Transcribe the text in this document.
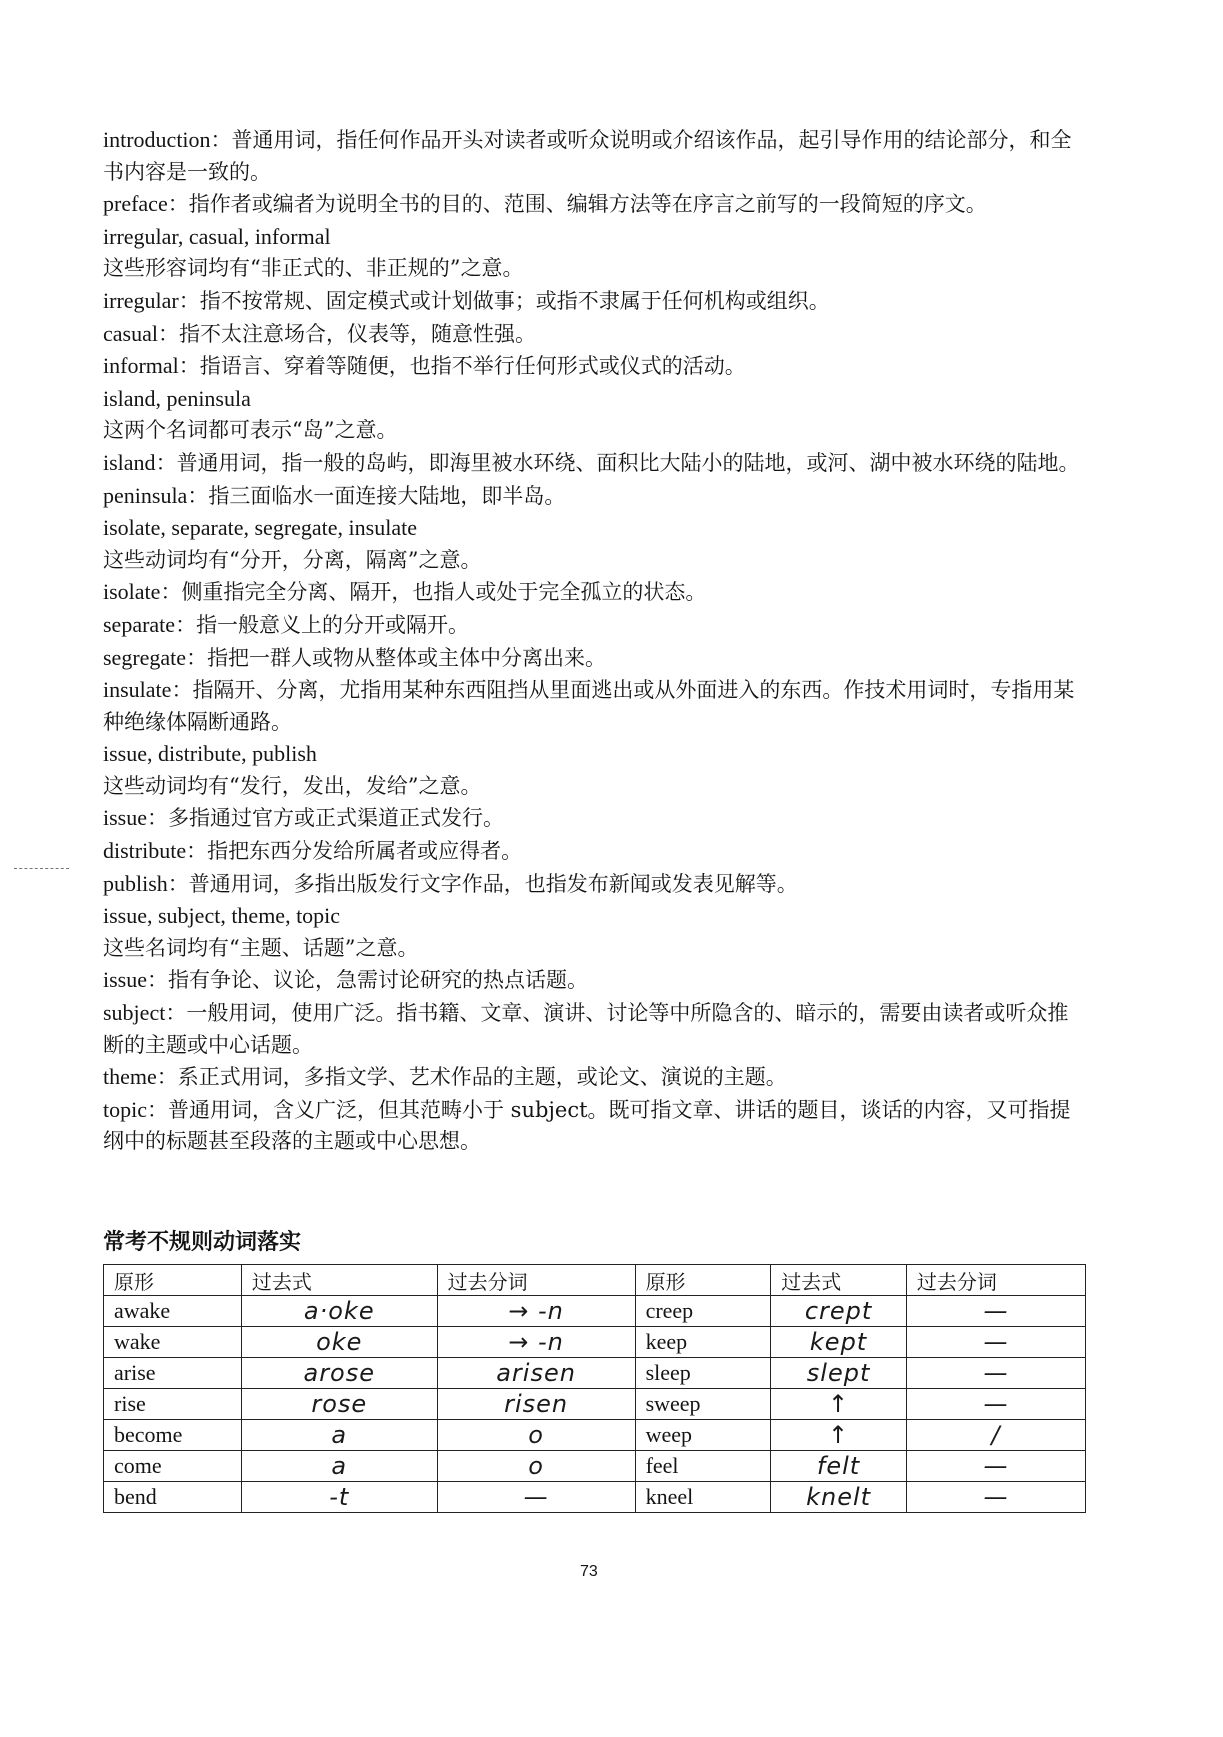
introduction：普通用词，指任何作品开头对读者或听众说明或介绍该作品，起引导作用的结论部分，和全书内容是一致的。

preface：指作者或编者为说明全书的目的、范围、编辑方法等在序言之前写的一段简短的序文。

irregular, casual, informal

这些形容词均有“非正式的、非正规的”之意。

irregular：指不按常规、固定模式或计划做事；或指不隶属于任何机构或组织。

casual：指不太注意场合，仪表等，随意性强。

informal：指语言、穿着等随便，也指不举行任何形式或仪式的活动。

island, peninsula

这两个名词都可表示“岛”之意。

island：普通用词，指一般的岛屿，即海里被水环绕、面积比大陆小的陆地，或河、湖中被水环绕的陆地。

peninsula：指三面临水一面连接大陆地，即半岛。

isolate, separate, segregate, insulate

这些动词均有“分开，分离，隔离”之意。

isolate：侧重指完全分离、隔开，也指人或处于完全孤立的状态。

separate：指一般意义上的分开或隔开。

segregate：指把一群人或物从整体或主体中分离出来。

insulate：指隔开、分离，尤指用某种东西阻挡从里面逃出或从外面进入的东西。作技术用词时，专指用某种绝缘体隔断通路。

issue, distribute, publish

这些动词均有“发行，发出，发给”之意。

issue：多指通过官方或正式渠道正式发行。

distribute：指把东西分发给所属者或应得者。

publish：普通用词，多指出版发行文字作品，也指发布新闻或发表见解等。

issue, subject, theme, topic

这些名词均有“主题、话题”之意。

issue：指有争论、议论，急需讨论研究的热点话题。

subject：一般用词，使用广泛。指书籍、文章、演讲、讨论等中所隐含的、暗示的，需要由读者或听众推断的主题或中心话题。

theme：系正式用词，多指文学、艺术作品的主题，或论文、演说的主题。

topic：普通用词，含义广泛，但其范畴小于 subject。既可指文章、讲话的题目，谈话的内容，又可指提纲中的标题甚至段落的主题或中心思想。

常考不规则动词落实
原形	过去式	过去分词	原形	过去式	过去分词
awake	a·oke	→ -n	creep	crept	—
wake	oke	→ -n	keep	kept	—
arise	arose	arisen	sleep	slept	—
rise	rose	risen	sweep	↑	—
become	a	o	weep	↑	/
come	a	o	feel	felt	—
bend	-t	—	kneel	knelt	—
73
